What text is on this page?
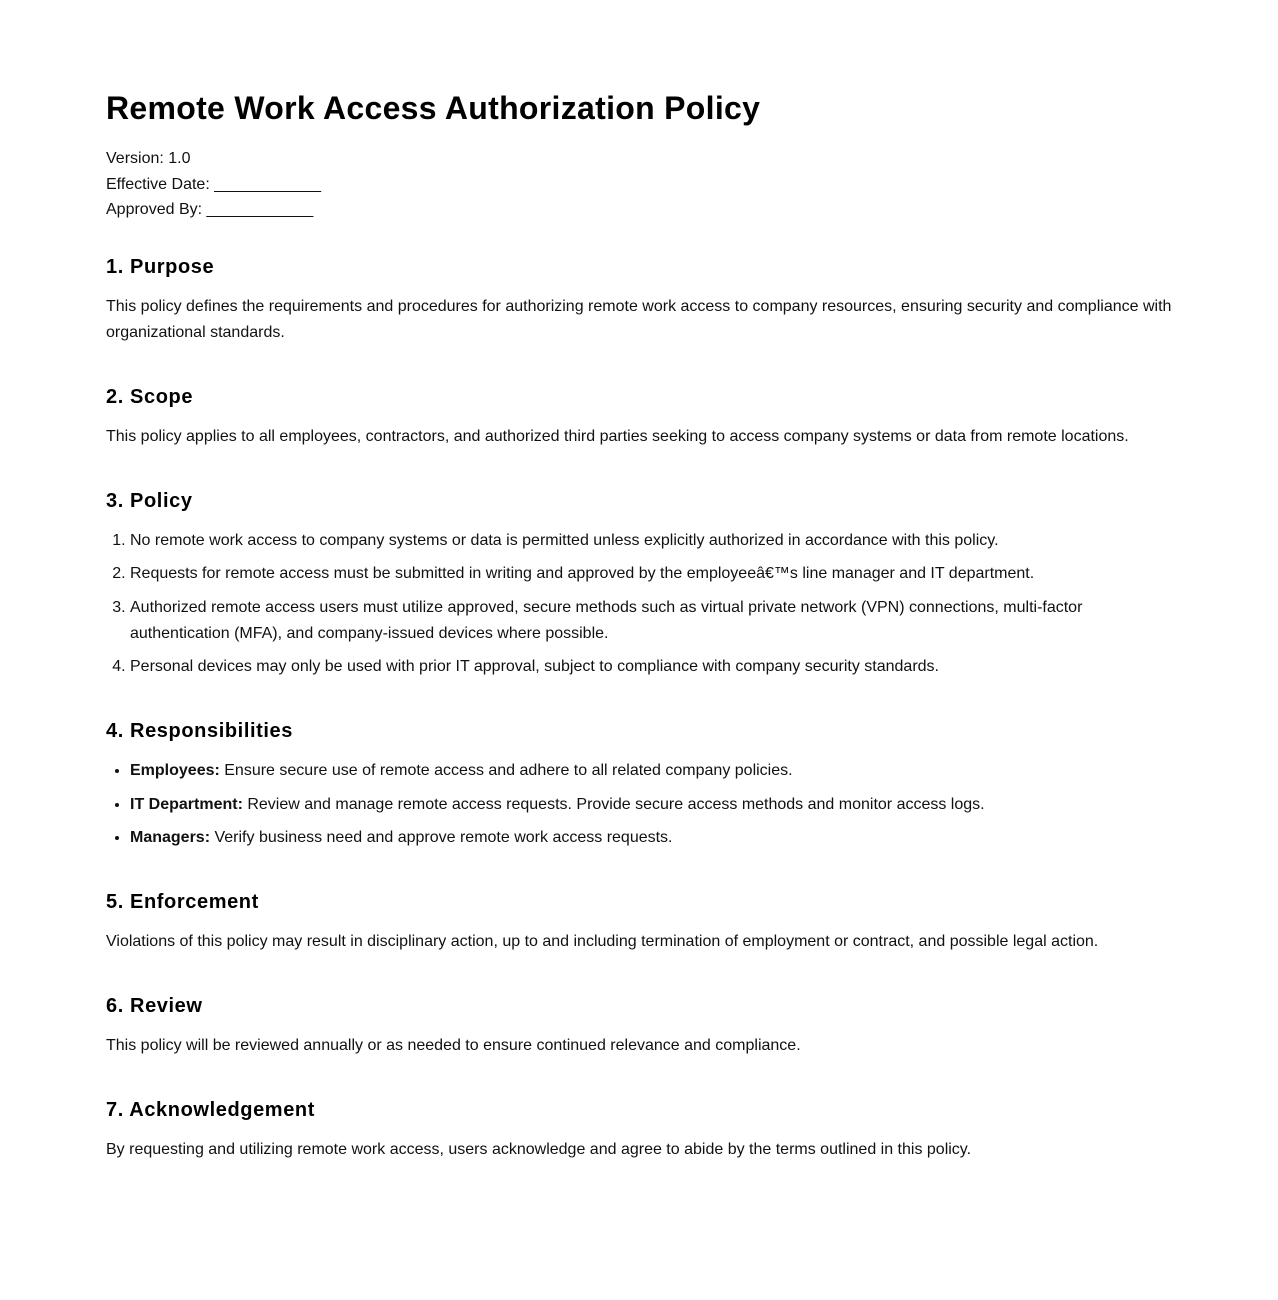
Remote Work Access Authorization Policy
Version: 1.0
Effective Date: ____________
Approved By: ____________
1. Purpose

This policy defines the requirements and procedures for authorizing remote work access to company resources, ensuring security and compliance with organizational standards.

2. Scope

This policy applies to all employees, contractors, and authorized third parties seeking to access company systems or data from remote locations.

3. Policy
1. No remote work access to company systems or data is permitted unless explicitly authorized in accordance with this policy.
2. Requests for remote access must be submitted in writing and approved by the employeeâ€™s line manager and IT department.
3. Authorized remote access users must utilize approved, secure methods such as virtual private network (VPN) connections, multi-factor authentication (MFA), and company-issued devices where possible.
4. Personal devices may only be used with prior IT approval, subject to compliance with company security standards.
4. Responsibilities
• Employees: Ensure secure use of remote access and adhere to all related company policies.
• IT Department: Review and manage remote access requests. Provide secure access methods and monitor access logs.
• Managers: Verify business need and approve remote work access requests.
5. Enforcement

Violations of this policy may result in disciplinary action, up to and including termination of employment or contract, and possible legal action.

6. Review

This policy will be reviewed annually or as needed to ensure continued relevance and compliance.

7. Acknowledgement

By requesting and utilizing remote work access, users acknowledge and agree to abide by the terms outlined in this policy.
